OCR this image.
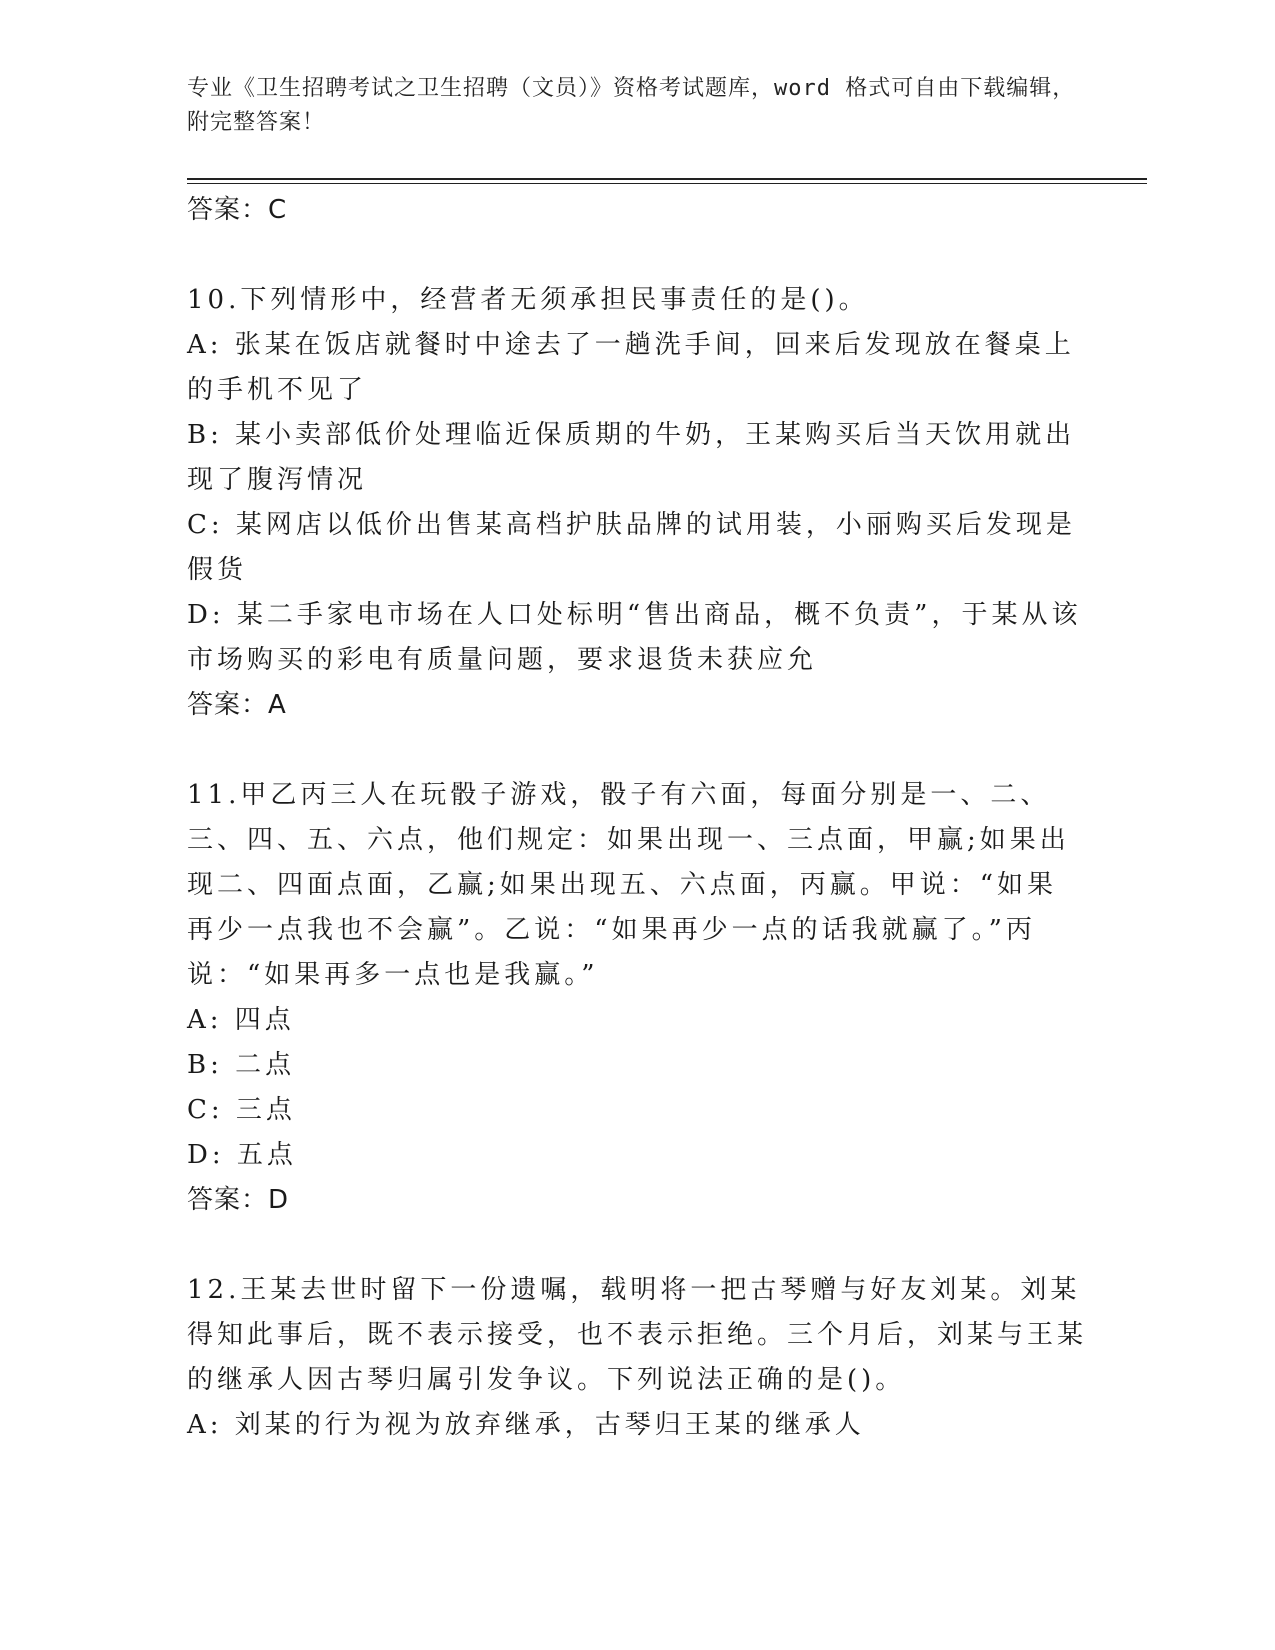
专业《卫生招聘考试之卫生招聘（文员）》资格考试题库，word 格式可自由下载编辑，附完整答案！

答案：C

10.下列情形中，经营者无须承担民事责任的是()。

A: 张某在饭店就餐时中途去了一趟洗手间，回来后发现放在餐桌上的手机不见了

B: 某小卖部低价处理临近保质期的牛奶，王某购买后当天饮用就出现了腹泻情况

C: 某网店以低价出售某高档护肤品牌的试用装，小丽购买后发现是假货

D: 某二手家电市场在人口处标明“售出商品，概不负责”，于某从该市场购买的彩电有质量问题，要求退货未获应允

答案：A

11.甲乙丙三人在玩骰子游戏，骰子有六面，每面分别是一、二、三、四、五、六点，他们规定：如果出现一、三点面，甲赢;如果出现二、四面点面，乙赢;如果出现五、六点面，丙赢。甲说：“如果再少一点我也不会赢”。乙说：“如果再少一点的话我就赢了。”丙说：“如果再多一点也是我赢。”

A: 四点

B: 二点

C: 三点

D: 五点

答案：D

12.王某去世时留下一份遗嘱，载明将一把古琴赠与好友刘某。刘某得知此事后，既不表示接受，也不表示拒绝。三个月后，刘某与王某的继承人因古琴归属引发争议。下列说法正确的是()。

A: 刘某的行为视为放弃继承，古琴归王某的继承人
